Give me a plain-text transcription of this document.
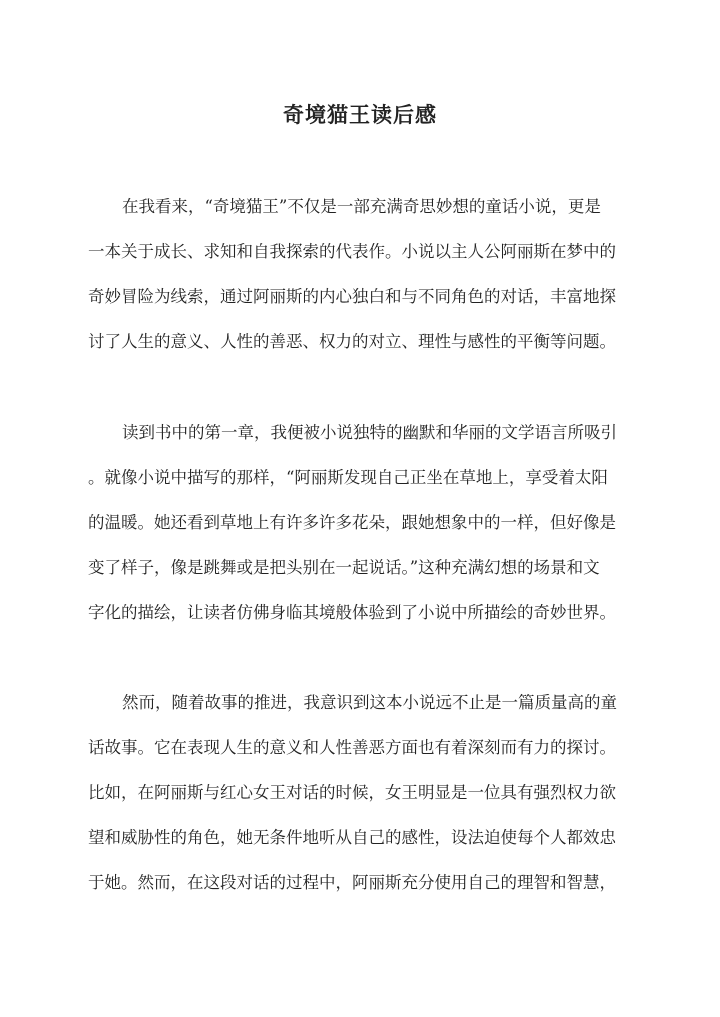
奇境猫王读后感
在我看来，“奇境猫王”不仅是一部充满奇思妙想的童话小说，更是
一本关于成长、求知和自我探索的代表作。小说以主人公阿丽斯在梦中的
奇妙冒险为线索，通过阿丽斯的内心独白和与不同角色的对话，丰富地探
讨了人生的意义、人性的善恶、权力的对立、理性与感性的平衡等问题。
读到书中的第一章，我便被小说独特的幽默和华丽的文学语言所吸引
。就像小说中描写的那样，“阿丽斯发现自己正坐在草地上，享受着太阳
的温暖。她还看到草地上有许多许多花朵，跟她想象中的一样，但好像是
变了样子，像是跳舞或是把头别在一起说话。”这种充满幻想的场景和文
字化的描绘，让读者仿佛身临其境般体验到了小说中所描绘的奇妙世界。
然而，随着故事的推进，我意识到这本小说远不止是一篇质量高的童
话故事。它在表现人生的意义和人性善恶方面也有着深刻而有力的探讨。
比如，在阿丽斯与红心女王对话的时候，女王明显是一位具有强烈权力欲
望和威胁性的角色，她无条件地听从自己的感性，设法迫使每个人都效忠
于她。然而，在这段对话的过程中，阿丽斯充分使用自己的理智和智慧，
